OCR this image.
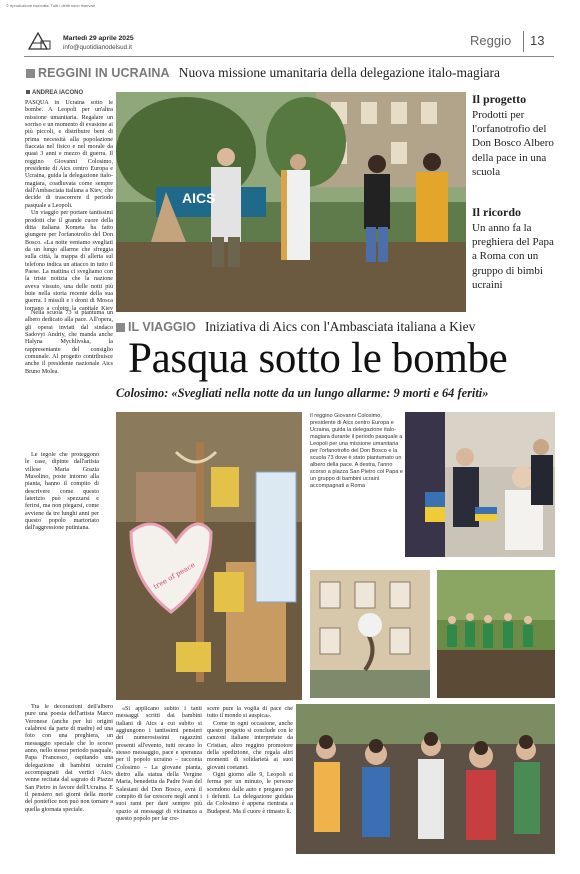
© riproduzione riservata. Tutti i diritti sono riservati
Martedì 29 aprile 2025
info@quotidianodelsud.it	Reggio 13
REGGINI IN UCRAINA Nuova missione umanitaria della delegazione italo-magiara
ANDREA IACONO

PASQUA in Ucraina sotto le bombe. A Leopoli per un'altra missione umanitaria. Regalare un sorriso e un momento di evasione ai più piccoli, e distribuire beni di prima necessità alla popolazione fiaccata nel fisico e nel morale da quasi 3 anni e mezzo di guerra. Il reggino Giovanni Colosimo, presidente di Aics centro Europa e Ucraina, guida la delegazione italo-magiara, coadiuvata come sempre dall'Ambasciata italiana a Kiev, che decide di trascorrere il periodo pasquale a Leopoli.

Un viaggio per portare tantissimi prodotti che il grande cuore della ditta italiana Kometa ha fatto giungere per l'orfanotrofio del Don Bosco. «La notte veniamo svegliati da un lungo allarme che sfreggia sulla città, la mappa di allerta sul telefono indica un attacco in tutto il Paese. La mattina ci svegliamo con la triste notizia che la nazione aveva vissuto, una delle notti più buie nella storia recente della sua guerra. I missili e i droni di Mosca tornano a colpire la capitale Kiev

Nella scuola 73 si piantuma un albero dedicato alla pace. All'opera, gli operai inviati dal sindaco Sadovyi Andriy, che manda anche Halyna Myсhlіvska, la rappresentante del consiglio comunale. Al progetto contribuisce anche il presidente nazionale Aics Bruno Molea.

Le tegole che proteggono le case, dipinte dall'artista villese Maria Grazia Musolino, poste intorno alla pianta, hanno il compito di descrivere come questo laterizio può spezzarsi e ferirsi, ma non piegarsi, come avviene da tre lunghi anni per questo popolo martoriato dall'aggressione putiniana.

Tra le decorazioni dell'albero pure una poesia dell'artista Marco Veronese (anche per lui origini calabresi da parte di madre) ed una foto con una preghiera, un messaggio speciale che lo scorso anno, nello stesso periodo pasquale, Papa Francesco, ospitando una delegazione di bambini ucraini accompagnati dai vertici Aics, venne recitata dal sagrato di Piazza San Pietro in favore dell'Ucraina. E il pensiero nei giorni della morte del pontefice non può non tornare a quella giornata speciale.

AICS
Il progetto
Prodotti per l'orfanotrofio del Don Bosco Albero della pace in una scuola
Il ricordo
Un anno fa la preghiera del Papa a Roma con un gruppo di bimbi ucraini
IL VIAGGIO Iniziativa di Aics con l'Ambasciata italiana a Kiev
Pasqua sotto le bombe
Colosimo: «Svegliati nella notte da un lungo allarme: 9 morti e 64 feriti»
tree of peace
Il reggino Giovanni Colosimo, presidente di Aics centro Europa e Ucraina, guida la delegazione italo-magiara durante il periodo pasquale a Leopoli per una missione umanitaria per l'orfanotrofio del Don Bosco e la scuola 73 dove è stato piantumato un albero della pace. A destra, l'anno scorso a piazza San Pietro col Papa e un gruppo di bambini ucraini accompagnati a Roma

«Si applicano subito i tanti messaggi scritti dai bambini italiani di Aics a cui subito si aggiungono i tantissimi pensieri dei numerosissimi ragazzini presenti all'evento, tutti recano lo stesso messaggio, pace e speranza per il popolo ucraino – racconta Colosimo – La giovane pianta, dietro alla statua della Vergine Maria, benedetta da Padre Ivan del Salesiani del Don Bosco, avrà il compito di far crescere negli anni i suoi rami per dare sempre più spazio ai messaggi di vicinanza a questo popolo per far cre-

scere pure la voglia di pace che tutto il mondo si auspica».

Come in ogni occasione, anche questo progetto si conclude con le canzoni italiane interpretate da Cristian, altro reggino promotore della spedizione, che regala altri momenti di solidarietà ai suoi giovani coetanei.

Ogni giorno alle 9, Leopoli si ferma per un minuto, le persone scendono dalle auto e pregano per i defunti. La delegazione guidata da Colosimo è appena rientrata a Budapest. Ma il cuore è rimasto lì.
